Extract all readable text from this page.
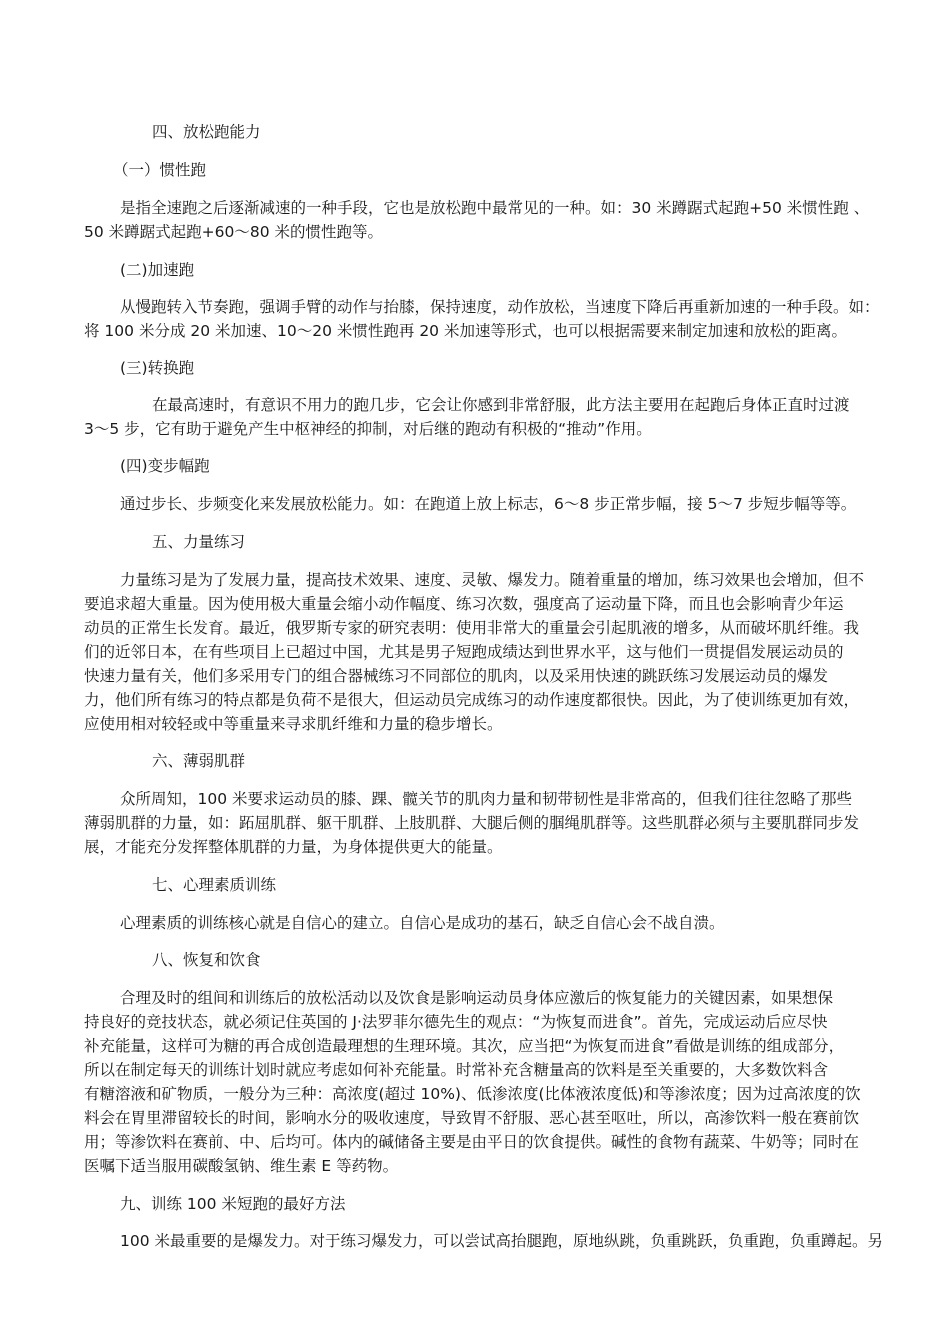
四、放松跑能力
（一）惯性跑
是指全速跑之后逐渐减速的一种手段，它也是放松跑中最常见的一种。如：30 米蹲踞式起跑+50 米惯性跑 、
50 米蹲踞式起跑+60～80 米的惯性跑等。
(二)加速跑
从慢跑转入节奏跑，强调手臂的动作与抬膝，保持速度，动作放松，当速度下降后再重新加速的一种手段。如：
将 100 米分成 20 米加速、10～20 米惯性跑再 20 米加速等形式，也可以根据需要来制定加速和放松的距离。
(三)转换跑
在最高速时，有意识不用力的跑几步，它会让你感到非常舒服，此方法主要用在起跑后身体正直时过渡
3～5 步，它有助于避免产生中枢神经的抑制，对后继的跑动有积极的“推动”作用。
(四)变步幅跑
通过步长、步频变化来发展放松能力。如：在跑道上放上标志，6～8 步正常步幅，接 5～7 步短步幅等等。
五、力量练习
力量练习是为了发展力量，提高技术效果、速度、灵敏、爆发力。随着重量的增加，练习效果也会增加，但不
要追求超大重量。因为使用极大重量会缩小动作幅度、练习次数，强度高了运动量下降，而且也会影响青少年运
动员的正常生长发育。最近，俄罗斯专家的研究表明：使用非常大的重量会引起肌液的增多，从而破坏肌纤维。我
们的近邻日本，在有些项目上已超过中国，尤其是男子短跑成绩达到世界水平，这与他们一贯提倡发展运动员的
快速力量有关，他们多采用专门的组合器械练习不同部位的肌肉，以及采用快速的跳跃练习发展运动员的爆发
力，他们所有练习的特点都是负荷不是很大，但运动员完成练习的动作速度都很快。因此，为了使训练更加有效，
应使用相对较轻或中等重量来寻求肌纤维和力量的稳步增长。
六、薄弱肌群
众所周知，100 米要求运动员的膝、踝、髋关节的肌肉力量和韧带韧性是非常高的，但我们往往忽略了那些
薄弱肌群的力量，如：跖屈肌群、躯干肌群、上肢肌群、大腿后侧的腘绳肌群等。这些肌群必须与主要肌群同步发
展，才能充分发挥整体肌群的力量，为身体提供更大的能量。
七、心理素质训练
心理素质的训练核心就是自信心的建立。自信心是成功的基石，缺乏自信心会不战自溃。
八、恢复和饮食
合理及时的组间和训练后的放松活动以及饮食是影响运动员身体应激后的恢复能力的关键因素，如果想保
持良好的竞技状态，就必须记住英国的 J·法罗菲尔德先生的观点：“为恢复而进食”。首先，完成运动后应尽快
补充能量，这样可为糖的再合成创造最理想的生理环境。其次，应当把“为恢复而进食”看做是训练的组成部分，
所以在制定每天的训练计划时就应考虑如何补充能量。时常补充含糖量高的饮料是至关重要的，大多数饮料含
有糖溶液和矿物质，一般分为三种：高浓度(超过 10%)、低渗浓度(比体液浓度低)和等渗浓度；因为过高浓度的饮
料会在胃里滞留较长的时间，影响水分的吸收速度，导致胃不舒服、恶心甚至呕吐，所以，高渗饮料一般在赛前饮
用；等渗饮料在赛前、中、后均可。体内的碱储备主要是由平日的饮食提供。碱性的食物有蔬菜、牛奶等；同时在
医嘱下适当服用碳酸氢钠、维生素 E 等药物。
九、训练 100 米短跑的最好方法
100 米最重要的是爆发力。对于练习爆发力，可以尝试高抬腿跑，原地纵跳，负重跳跃，负重跑，负重蹲起。另
